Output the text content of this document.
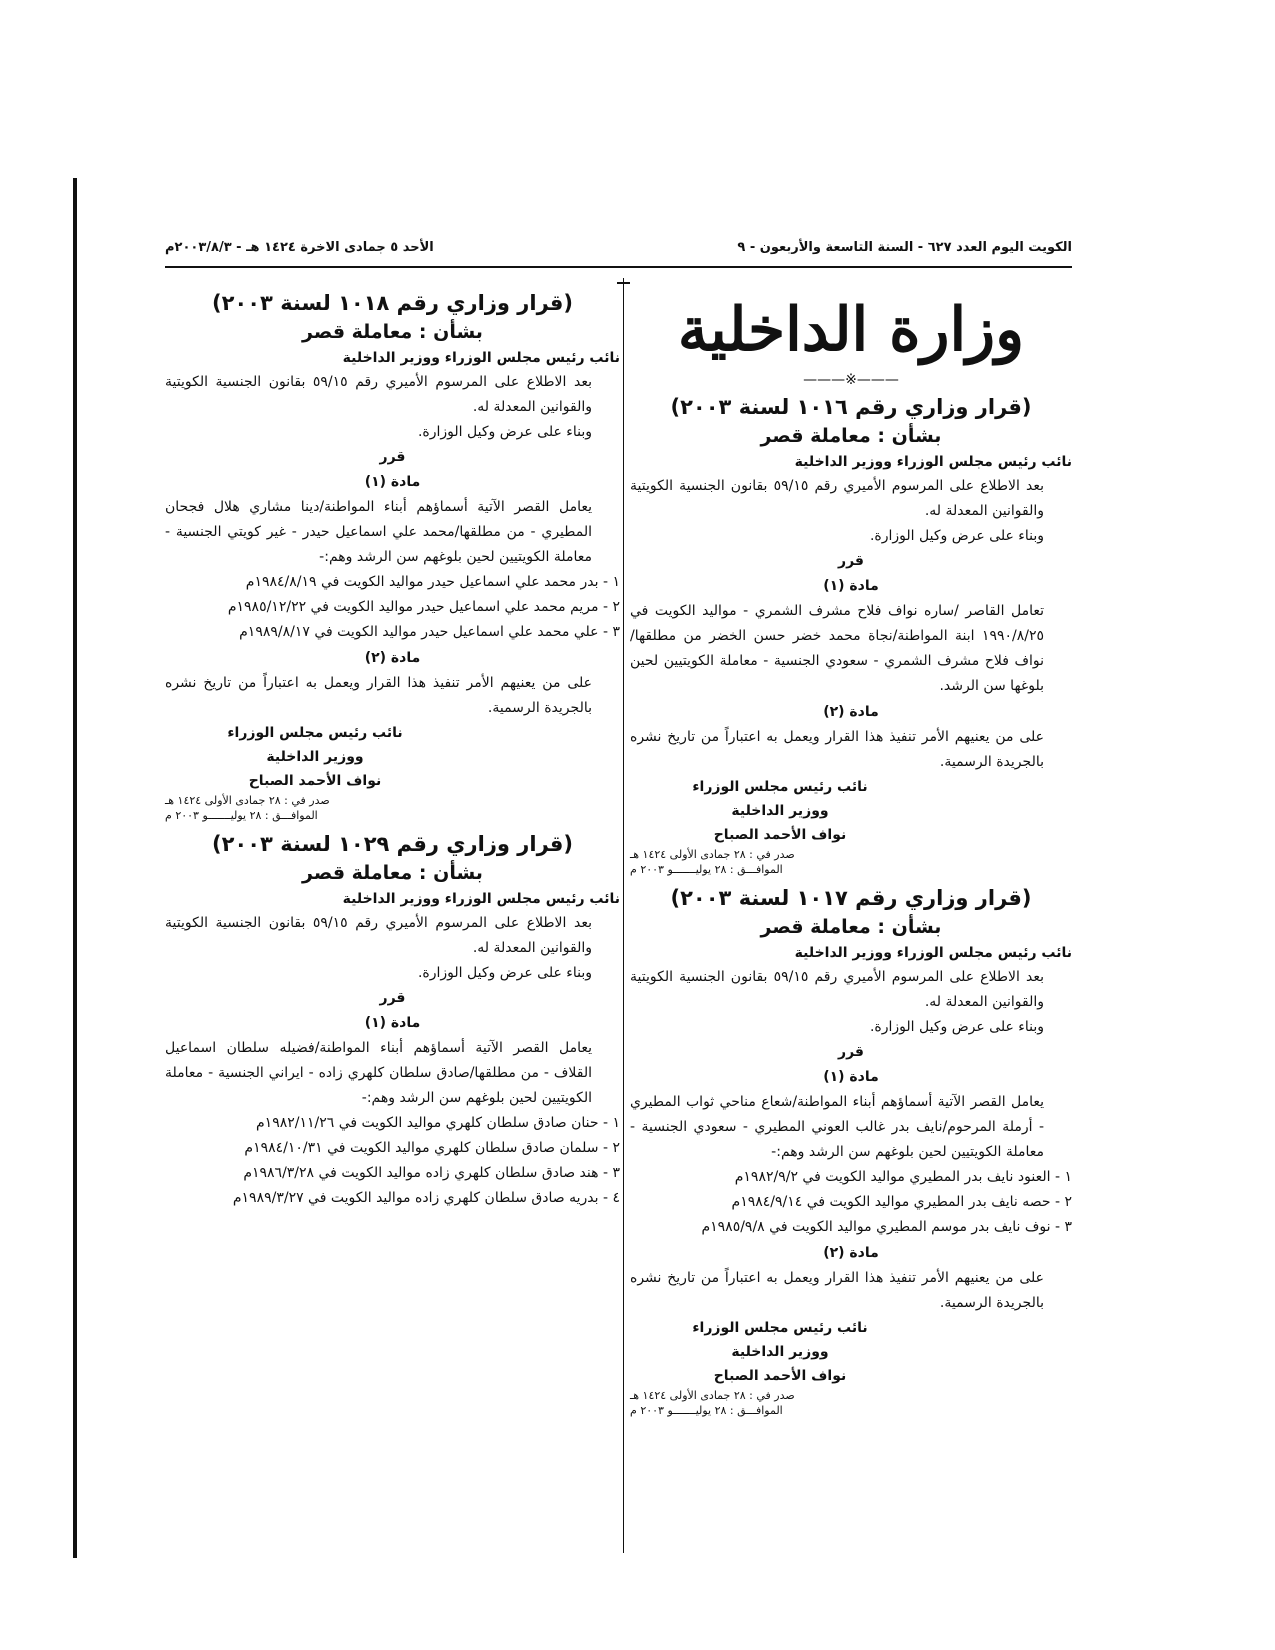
الكويت اليوم العدد ٦٢٧ - السنة التاسعة والأربعون - ٩
الأحد ٥ جمادى الاخرة ١٤٢٤ هـ - ٢٠٠٣/٨/٣م
وزارة الداخلية
———※———
(قرار وزاري رقم ١٠١٦ لسنة ٢٠٠٣)
بشأن : معاملة قصر
نائب رئيس مجلس الوزراء ووزير الداخلية
بعد الاطلاع على المرسوم الأميري رقم ٥٩/١٥ بقانون الجنسية الكويتية والقوانين المعدلة له.
وبناء على عرض وكيل الوزارة.
قرر
مادة (١)
تعامل القاصر /ساره نواف فلاح مشرف الشمري - مواليد الكويت في ١٩٩٠/٨/٢٥ ابنة المواطنة/نجاة محمد خضر حسن الخضر من مطلقها/نواف فلاح مشرف الشمري - سعودي الجنسية - معاملة الكويتيين لحين بلوغها سن الرشد.
مادة (٢)
على من يعنيهم الأمر تنفيذ هذا القرار ويعمل به اعتباراً من تاريخ نشره بالجريدة الرسمية.
نائب رئيس مجلس الوزراء
ووزير الداخلية
نواف الأحمد الصباح
صدر في : ٢٨ جمادى الأولى ١٤٢٤ هـ
الموافـــق : ٢٨ يوليـــــــو ٢٠٠٣ م
(قرار وزاري رقم ١٠١٧ لسنة ٢٠٠٣)
بشأن : معاملة قصر
نائب رئيس مجلس الوزراء ووزير الداخلية
بعد الاطلاع على المرسوم الأميري رقم ٥٩/١٥ بقانون الجنسية الكويتية والقوانين المعدلة له.
وبناء على عرض وكيل الوزارة.
قرر
مادة (١)
يعامل القصر الآتية أسماؤهم أبناء المواطنة/شعاع مناحي ثواب المطيري - أرملة المرحوم/نايف بدر غالب العوني المطيري - سعودي الجنسية - معاملة الكويتيين لحين بلوغهم سن الرشد وهم:-
١ - العنود نايف بدر المطيري مواليد الكويت في ١٩٨٢/٩/٢م
٢ - حصه نايف بدر المطيري مواليد الكويت في ١٩٨٤/٩/١٤م
٣ - نوف نايف بدر موسم المطيري مواليد الكويت في ١٩٨٥/٩/٨م
مادة (٢)
على من يعنيهم الأمر تنفيذ هذا القرار ويعمل به اعتباراً من تاريخ نشره بالجريدة الرسمية.
نائب رئيس مجلس الوزراء
ووزير الداخلية
نواف الأحمد الصباح
صدر في : ٢٨ جمادى الأولى ١٤٢٤ هـ
الموافـــق : ٢٨ يوليـــــــو ٢٠٠٣ م
(قرار وزاري رقم ١٠١٨ لسنة ٢٠٠٣)
بشأن : معاملة قصر
نائب رئيس مجلس الوزراء ووزير الداخلية
بعد الاطلاع على المرسوم الأميري رقم ٥٩/١٥ بقانون الجنسية الكويتية والقوانين المعدلة له.
وبناء على عرض وكيل الوزارة.
قرر
مادة (١)
يعامل القصر الآتية أسماؤهم أبناء المواطنة/دينا مشاري هلال فجحان المطيري - من مطلقها/محمد علي اسماعيل حيدر - غير كويتي الجنسية - معاملة الكويتيين لحين بلوغهم سن الرشد وهم:-
١ - بدر محمد علي اسماعيل حيدر مواليد الكويت في ١٩٨٤/٨/١٩م
٢ - مريم محمد علي اسماعيل حيدر مواليد الكويت في ١٩٨٥/١٢/٢٢م
٣ - علي محمد علي اسماعيل حيدر مواليد الكويت في ١٩٨٩/٨/١٧م
مادة (٢)
على من يعنيهم الأمر تنفيذ هذا القرار ويعمل به اعتباراً من تاريخ نشره بالجريدة الرسمية.
نائب رئيس مجلس الوزراء
ووزير الداخلية
نواف الأحمد الصباح
صدر في : ٢٨ جمادى الأولى ١٤٢٤ هـ
الموافـــق : ٢٨ يوليـــــــو ٢٠٠٣ م
(قرار وزاري رقم ١٠٢٩ لسنة ٢٠٠٣)
بشأن : معاملة قصر
نائب رئيس مجلس الوزراء ووزير الداخلية
بعد الاطلاع على المرسوم الأميري رقم ٥٩/١٥ بقانون الجنسية الكويتية والقوانين المعدلة له.
وبناء على عرض وكيل الوزارة.
قرر
مادة (١)
يعامل القصر الآتية أسماؤهم أبناء المواطنة/فضيله سلطان اسماعيل القلاف - من مطلقها/صادق سلطان كلهري زاده - ايراني الجنسية - معاملة الكويتيين لحين بلوغهم سن الرشد وهم:-
١ - حنان صادق سلطان كلهري مواليد الكويت في ١٩٨٢/١١/٢٦م
٢ - سلمان صادق سلطان كلهري مواليد الكويت في ١٩٨٤/١٠/٣١م
٣ - هند صادق سلطان كلهري زاده مواليد الكويت في ١٩٨٦/٣/٢٨م
٤ - بدريه صادق سلطان كلهري زاده مواليد الكويت في ١٩٨٩/٣/٢٧م
